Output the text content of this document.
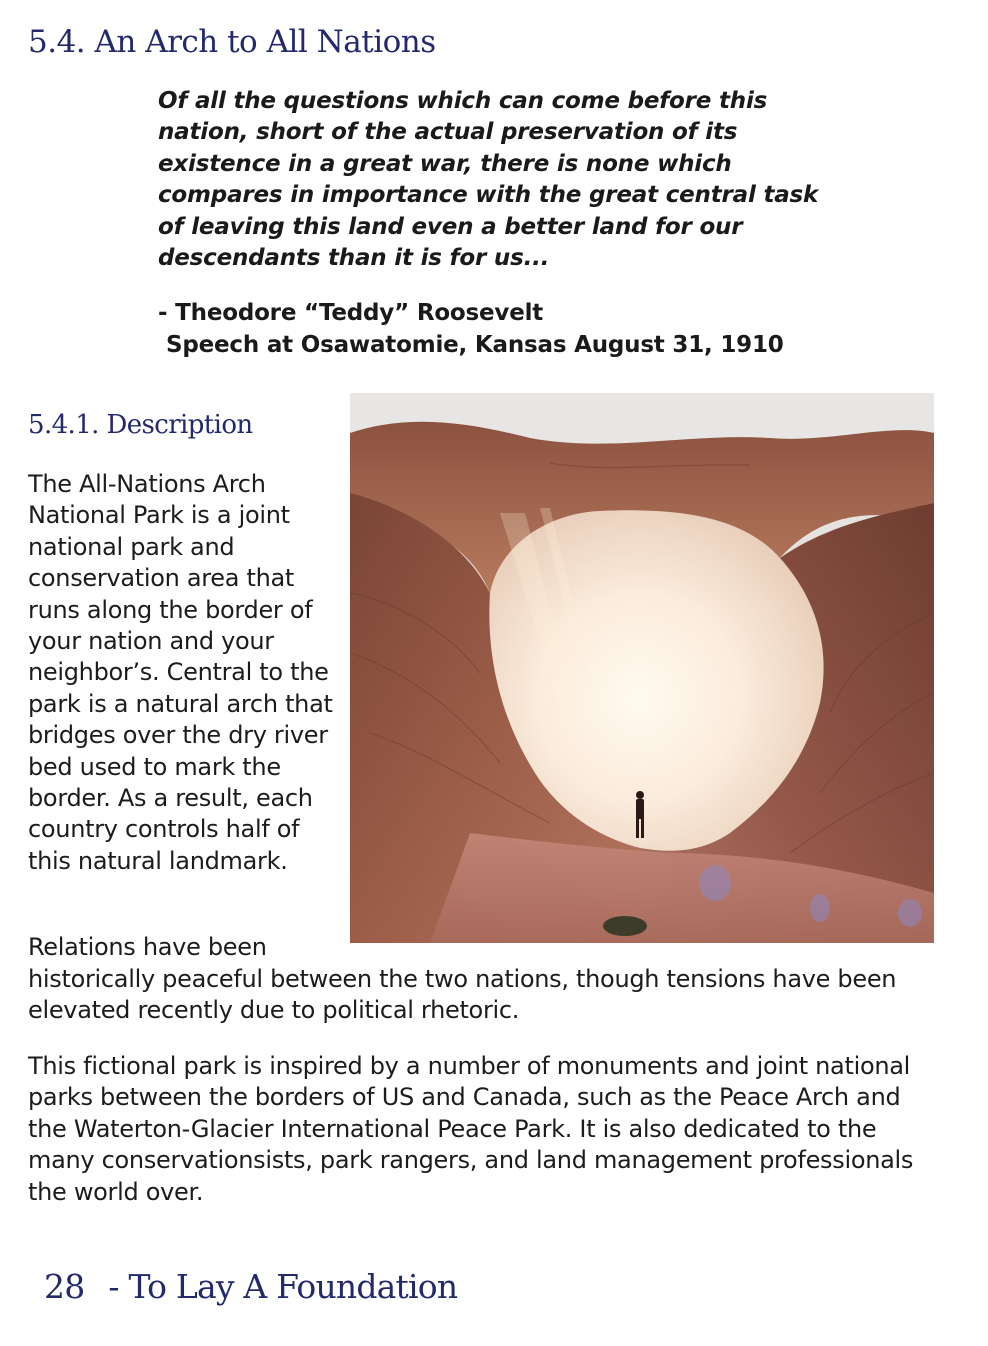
5.4. An Arch to All Nations

Of all the questions which can come before this nation, short of the actual preservation of its existence in a great war, there is none which compares in importance with the great central task of leaving this land even a better land for our descendants than it is for us...

- Theodore “Teddy” Roosevelt
Speech at Osawatomie, Kansas August 31, 1910

5.4.1. Description

The All-Nations Arch National Park is a joint national park and conservation area that runs along the border of your nation and your neighbor’s. Central to the park is a natural arch that bridges over the dry river bed used to mark the border. As a result, each country controls half of this natural landmark.

Relations have been
historically peaceful between the two nations, though tensions have been elevated recently due to political rhetoric.

This fictional park is inspired by a number of monuments and joint national parks between the borders of US and Canada, such as the Peace Arch and the Waterton-Glacier International Peace Park. It is also dedicated to the many conservationsists, park rangers, and land management professionals the world over.

28 - To Lay A Foundation
